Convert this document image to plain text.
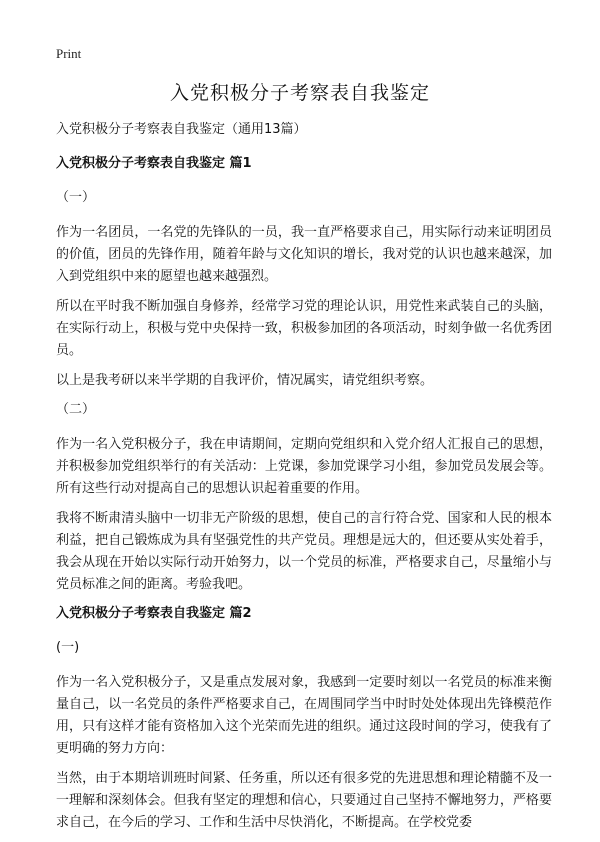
Print
入党积极分子考察表自我鉴定

入党积极分子考察表自我鉴定（通用13篇）

入党积极分子考察表自我鉴定 篇1

（一）

作为一名团员，一名党的先锋队的一员，我一直严格要求自己，用实际行动来证明团员的价值，团员的先锋作用，随着年龄与文化知识的增长，我对党的认识也越来越深，加入到党组织中来的愿望也越来越强烈。

所以在平时我不断加强自身修养，经常学习党的理论认识，用党性来武装自己的头脑，在实际行动上，积极与党中央保持一致，积极参加团的各项活动，时刻争做一名优秀团员。

以上是我考研以来半学期的自我评价，情况属实，请党组织考察。

（二）

作为一名入党积极分子，我在申请期间，定期向党组织和入党介绍人汇报自己的思想，并积极参加党组织举行的有关活动：上党课，参加党课学习小组，参加党员发展会等。所有这些行动对提高自己的思想认识起着重要的作用。

我将不断肃清头脑中一切非无产阶级的思想，使自己的言行符合党、国家和人民的根本利益，把自己锻炼成为具有坚强党性的共产党员。理想是远大的，但还要从实处着手，我会从现在开始以实际行动开始努力，以一个党员的标准，严格要求自己，尽量缩小与党员标准之间的距离。考验我吧。

入党积极分子考察表自我鉴定 篇2

(一)

作为一名入党积极分子，又是重点发展对象，我感到一定要时刻以一名党员的标准来衡量自己，以一名党员的条件严格要求自己，在周围同学当中时时处处体现出先锋模范作用，只有这样才能有资格加入这个光荣而先进的组织。通过这段时间的学习，使我有了更明确的努力方向：

当然，由于本期培训班时间紧、任务重，所以还有很多党的先进思想和理论精髓不及一一理解和深刻体会。但我有坚定的理想和信心，只要通过自己坚持不懈地努力，严格要求自己，在今后的学习、工作和生活中尽快消化，不断提高。在学校党委
